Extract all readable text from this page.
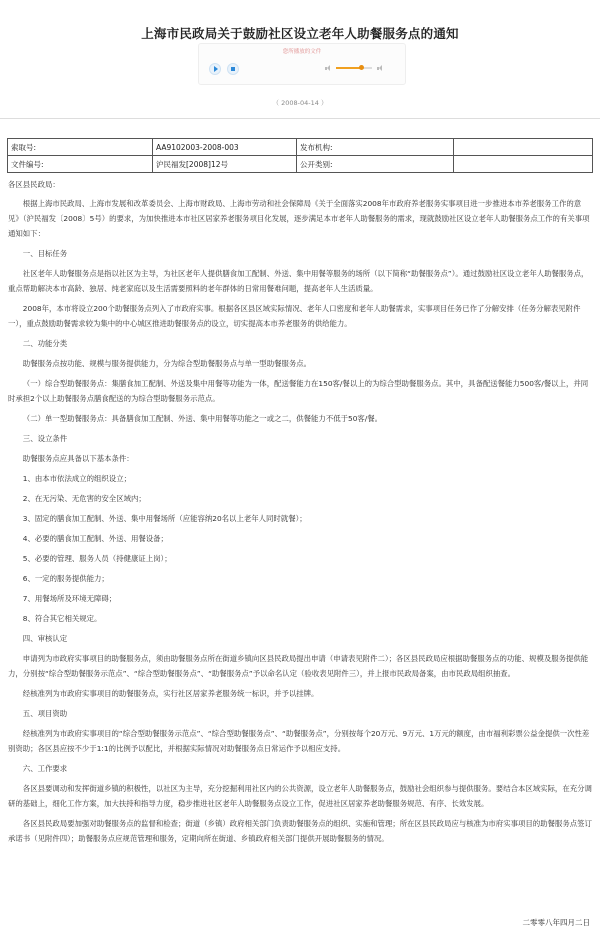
上海市民政局关于鼓励社区设立老年人助餐服务点的通知
您所播放的文件
（ 2008-04-14 ）
索取号:	AA9102003-2008-003	发布机构:	
文件编号:	沪民福发[2008]12号	公开类别:	

各区县民政局：

根据上海市民政局、上海市发展和改革委员会、上海市财政局、上海市劳动和社会保障局《关于全面落实2008年市政府养老服务实事项目进一步推进本市养老服务工作的意见》（沪民福发〔2008〕5号）的要求，为加快推进本市社区居家养老服务项目化发展，逐步满足本市老年人助餐服务的需求，现就鼓励社区设立老年人助餐服务点工作的有关事项通知如下：

一、目标任务

社区老年人助餐服务点是指以社区为主导，为社区老年人提供膳食加工配制、外送、集中用餐等服务的场所（以下简称“助餐服务点”）。通过鼓励社区设立老年人助餐服务点，重点帮助解决本市高龄、独居、纯老家庭以及生活需要照料的老年群体的日常用餐难问题，提高老年人生活质量。

2008年，本市将设立200个助餐服务点列入了市政府实事。根据各区县区域实际情况、老年人口密度和老年人助餐需求，实事项目任务已作了分解安排（任务分解表见附件一），重点鼓励助餐需求较为集中的中心城区推进助餐服务点的设立，切实提高本市养老服务的供给能力。

二、功能分类

助餐服务点按功能、规模与服务提供能力，分为综合型助餐服务点与单一型助餐服务点。

（一）综合型助餐服务点：集膳食加工配制、外送及集中用餐等功能为一体，配送餐能力在150客/餐以上的为综合型助餐服务点。其中，具备配送餐能力500客/餐以上，并同时承担2个以上助餐服务点膳食配送的为综合型助餐服务示范点。

（二）单一型助餐服务点：具备膳食加工配制、外送、集中用餐等功能之一或之二，供餐能力不低于50客/餐。

三、设立条件

助餐服务点应具备以下基本条件：

1、由本市依法成立的组织设立；

2、在无污染、无危害的安全区域内；

3、固定的膳食加工配制、外送、集中用餐场所（应能容纳20名以上老年人同时就餐）；

4、必要的膳食加工配制、外送、用餐设备；

5、必要的管理、服务人员（持健康证上岗）；

6、一定的服务提供能力；

7、用餐场所及环境无障碍；

8、符合其它相关规定。

四、审核认定

申请列为市政府实事项目的助餐服务点，须由助餐服务点所在街道乡镇向区县民政局提出申请（申请表见附件二）；各区县民政局应根据助餐服务点的功能、规模及服务提供能力，分别按“综合型助餐服务示范点”、“综合型助餐服务点”、“助餐服务点”予以命名认定（验收表见附件三），并上报市民政局备案，由市民政局组织抽查。

经核准列为市政府实事项目的助餐服务点，实行社区居家养老服务统一标识，并予以挂牌。

五、项目资助

经核准列为市政府实事项目的“综合型助餐服务示范点”、“综合型助餐服务点”、“助餐服务点”，分别按每个20万元、9万元、1万元的额度，由市福利彩票公益金提供一次性差别资助；各区县应按不少于1:1的比例予以配比，并根据实际情况对助餐服务点日常运作予以相应支持。

六、工作要求

各区县要调动和发挥街道乡镇的积极性，以社区为主导，充分挖掘利用社区内的公共资源，设立老年人助餐服务点，鼓励社会组织参与提供服务。要结合本区域实际，在充分调研的基础上，细化工作方案，加大扶持和指导力度，稳步推进社区老年人助餐服务点设立工作，促进社区居家养老助餐服务规范、有序、长效发展。

各区县民政局要加强对助餐服务点的监督和检查；街道（乡镇）政府相关部门负责助餐服务点的组织、实施和管理；所在区县民政局应与核准为市府实事项目的助餐服务点签订承诺书（见附件四）；助餐服务点应规范管理和服务，定期向所在街道、乡镇政府相关部门提供开展助餐服务的情况。

二零零八年四月二日
